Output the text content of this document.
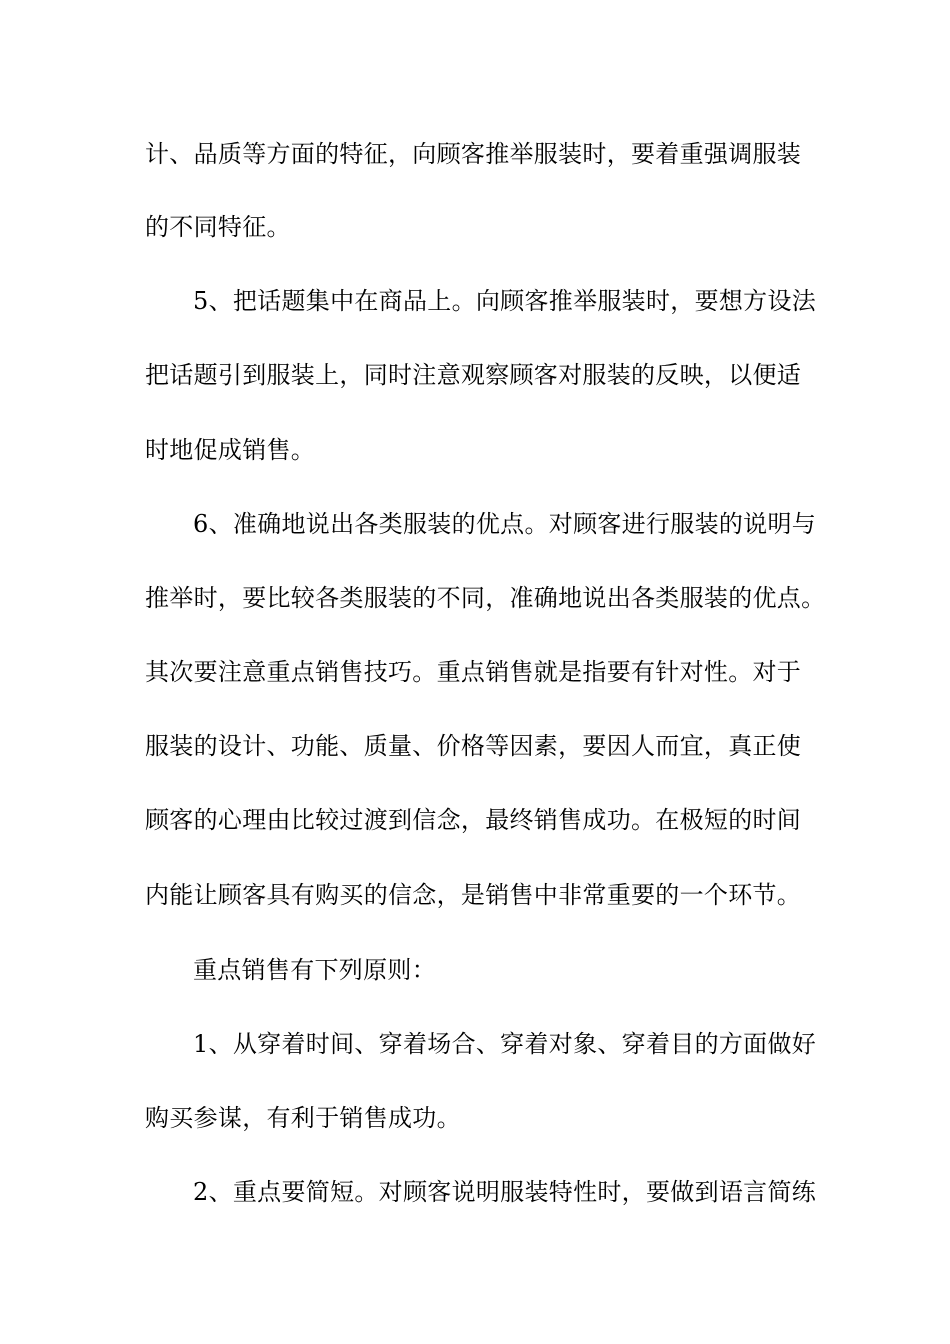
计、品质等方面的特征，向顾客推举服装时，要着重强调服装
的不同特征。
5、把话题集中在商品上。向顾客推举服装时，要想方设法
把话题引到服装上，同时注意观察顾客对服装的反映，以便适
时地促成销售。
6、准确地说出各类服装的优点。对顾客进行服装的说明与
推举时，要比较各类服装的不同，准确地说出各类服装的优点。
其次要注意重点销售技巧。重点销售就是指要有针对性。对于
服装的设计、功能、质量、价格等因素，要因人而宜，真正使
顾客的心理由比较过渡到信念，最终销售成功。在极短的时间
内能让顾客具有购买的信念，是销售中非常重要的一个环节。
重点销售有下列原则：
1、从穿着时间、穿着场合、穿着对象、穿着目的方面做好
购买参谋，有利于销售成功。
2、重点要简短。对顾客说明服装特性时，要做到语言简练
